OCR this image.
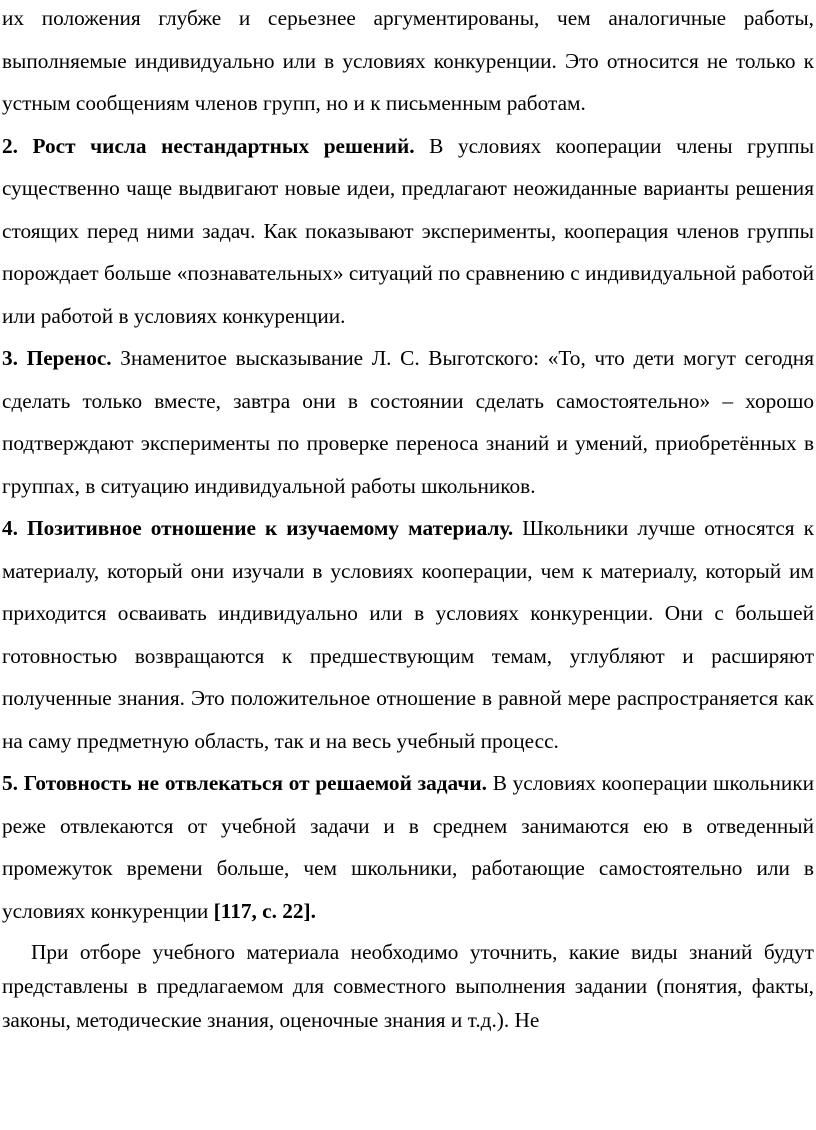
их положения глубже и серьезнее аргументированы, чем аналогичные работы, выполняемые индивидуально или в условиях конкуренции. Это относится не только к устным сообщениям членов групп, но и к письменным работам.

2. Рост числа нестандартных решений. В условиях кооперации члены группы существенно чаще выдвигают новые идеи, предлагают неожиданные варианты решения стоящих перед ними задач. Как показывают эксперименты, кооперация членов группы порождает больше «познавательных» ситуаций по сравнению с индивидуальной работой или работой в условиях конкуренции.

3. Перенос. Знаменитое высказывание Л. С. Выготского: «То, что дети могут сегодня сделать только вместе, завтра они в состоянии сделать самостоятельно» – хорошо подтверждают эксперименты по проверке переноса знаний и умений, приобретённых в группах, в ситуацию индивидуальной работы школьников.

4. Позитивное отношение к изучаемому материалу. Школьники лучше относятся к материалу, который они изучали в условиях кооперации, чем к материалу, который им приходится осваивать индивидуально или в условиях конкуренции. Они с большей готовностью возвращаются к предшествующим темам, углубляют и расширяют полученные знания. Это положительное отношение в равной мере распространяется как на саму предметную область, так и на весь учебный процесс.

5. Готовность не отвлекаться от решаемой задачи. В условиях кооперации школьники реже отвлекаются от учебной задачи и в среднем занимаются ею в отведенный промежуток времени больше, чем школьники, работающие самостоятельно или в условиях конкуренции [117, с. 22].

При отборе учебного материала необходимо уточнить, какие виды знаний будут представлены в предлагаемом для совместного выполнения задании (понятия, факты, законы, методические знания, оценочные знания и т.д.). Не
